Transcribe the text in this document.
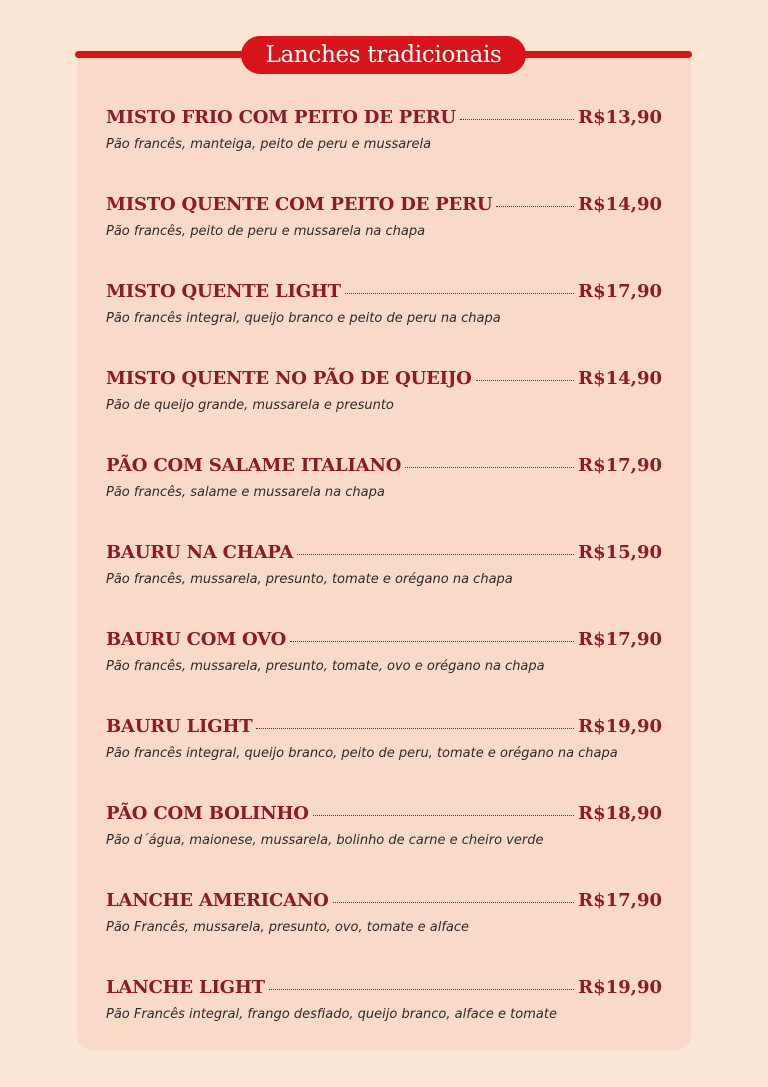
Lanches tradicionais
MISTO FRIO COM PEITO DE PERU	R$13,90
Pão francês, manteiga, peito de peru e mussarela
MISTO QUENTE COM PEITO DE PERU	R$14,90
Pão francês, peito de peru e mussarela na chapa
MISTO QUENTE LIGHT	R$17,90
Pão francês integral, queijo branco e peito de peru na chapa
MISTO QUENTE NO PÃO DE QUEIJO	R$14,90
Pão de queijo grande, mussarela e presunto
PÃO COM SALAME ITALIANO	R$17,90
Pão francês, salame e mussarela na chapa
BAURU NA CHAPA	R$15,90
Pão francês, mussarela, presunto, tomate e orégano na chapa
BAURU COM OVO	R$17,90
Pão francês, mussarela, presunto, tomate, ovo e orégano na chapa
BAURU LIGHT	R$19,90
Pão francês integral, queijo branco, peito de peru, tomate e orégano na chapa
PÃO COM BOLINHO	R$18,90
Pão d´água, maionese, mussarela, bolinho de carne e cheiro verde
LANCHE AMERICANO	R$17,90
Pão Francês, mussarela, presunto, ovo, tomate e alface
LANCHE LIGHT	R$19,90
Pão Francês integral, frango desfiado, queijo branco, alface e tomate
